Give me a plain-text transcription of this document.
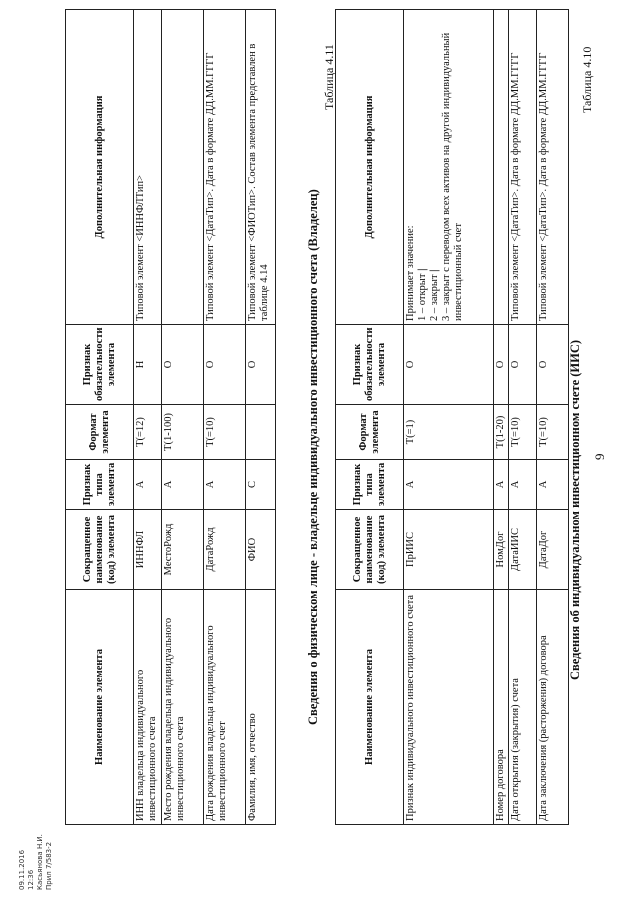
09.11.2016 12:36 Касьянова Н.И. Прил 7/583-2
9
Таблица 4.10
Сведения об индивидуальном инвестиционном счете (ИИС)
Наименование элемента	Сокращенное наименование (код) элемента	Признак типа элемента	Формат элемента	Признак обязательности элемента	Дополнительная информация
Признак индивидуального инвестиционного счета	ПрИИС	А	T(=1)	О	Принимает значение: 1 – открыт |
2 – закрыт | 3 – закрыт с переводом всех активов на другой индивидуальный инвестиционный счет

Номер договора	НомДог	А	T(1-20)	О	
Дата открытия (закрытия) счета	ДатаИИС	А	T(=10)	О	Типовой элемент <ДатаТип>. Дата в формате ДД.ММ.ГГГГ
Дата заключения (расторжения) договора	ДатаДог	А	T(=10)	О	Типовой элемент <ДатаТип>. Дата в формате ДД.ММ.ГГГГ
Таблица 4.11
Сведения о физическом лице - владельце индивидуального инвестиционного счета (Владелец)
Наименование элемента	Сокращенное наименование (код) элемента	Признак типа элемента	Формат элемента	Признак обязательности элемента	Дополнительная информация
ИНН владельца индивидуального инвестиционного счета	ИННФЛ	А	T(=12)	Н	Типовой элемент <ИННФЛТип>
Место рождения владельца индивидуального инвестиционного счета	МестоРожд	А	T(1-100)	О	
Дата рождения владельца индивидуального инвестиционного счет	ДатаРожд	А	T(=10)	О	Типовой элемент <ДатаТип>. Дата в формате ДД.ММ.ГГГГ
Фамилия, имя, отчество	ФИО	С		О	Типовой элемент <ФИОТип>. Состав элемента представлен в таблице 4.14
